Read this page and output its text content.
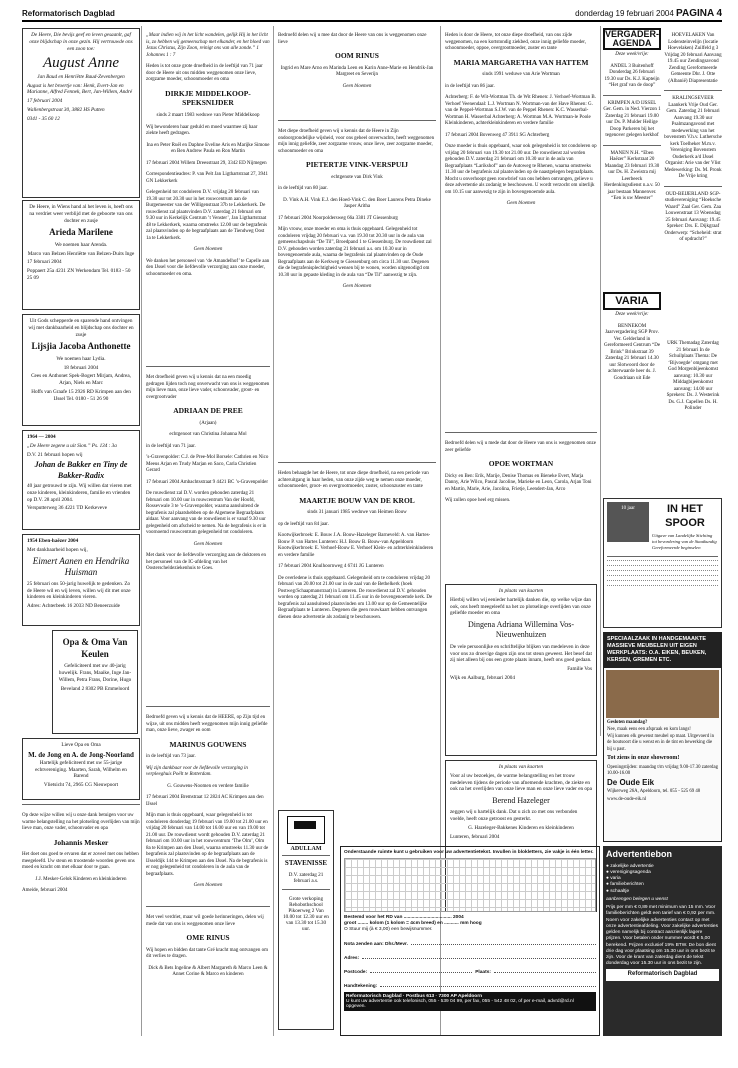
Reformatorisch Dagblad	donderdag 19 februari 2004 PAGINA 4

De Heere, Die bevijs geef en leven gesaanlt, gaf onze blijdschap in onze gezin. Hij vertrouwde ons een zoon toe:

August Anne

Jan Baud en Henriëtte Baud-Zevenbergen

August is het broertje van: Henk, Evert-Jan en Marianne, Alfred Fennek, Bert, Jan-Willem, André

17 februari 2004

Wallenbergstraat 30, 3882 HS Putten

0341 - 35 60 12

De Heere, in Wiens hand al het leven is, heeft ons na verdriet weer verblijd met de geboorte van ons dochter en zusje

Arieda Marilene

We noemen haar Arenda.

Marco van Belzen Henriëtte van Belzen-Duits Inge

17 februari 2004

Poppaert 25a 4231 ZN Werkendam Tel. 0183 - 50 25 09

Uit Gods schepperde en sparende hand ontvingen wij met dankbaarheid en blijdschap ons dochter en zusje

Lijsjia Jacoba Anthonette

We noemen haar Lydia.

18 februari 2004

Cees en Anthonet Spek-Bogert Mirjam, Andrea, Arjan, Niels en Marc

Hoffs van Graafe 15 2926 RD Krimpen aan den IJssel Tel. 0180 - 51 26 90

1964 — 2004

„De Heere zegene u uit Sion.” Ps. 134 : 3a

D.V. 21 februari hopen wij

Johan de Bakker en Tiny de Bakker-Radix

40 jaar getrouwd te zijn. Wij willen dat vieren met onze kinderen, kleinkinderen, familie en vrienden op D.V. 28 april 2004.

Versputterweg 36 4221 TD Kerkeveve

1954 Eben-haëzer 2004

Met dankbaarheid hopen wij,

Eimert Aanen en Hendrika Huisman

25 februari ons 50-jarig huwelijk te gedenken. Zo de Heere wil en wij leven, willen wij dit met onze kinderen en kleinkinderen vieren.

Adres: Achterbeek 16 2033 ND Beneerzuide

Opa & Oma Van Keulen

Gefeliciteerd met uw 40-jarig huwelijk. Frans, Maaike, Inge Jan-Willem, Petra Frans, Dorine, Hugo

Beveland 2 8302 PB Emmeloord

Lieve Opa en Oma

M. de Jong en A. de Jong-Noorland

Hartelijk gefeliciteerd met uw 55-jarige echtvereniging. Maarten, Sarah, Wilhelm en Barend

Vlietsicht 74, 2965 CG Nieuwpoort

Op deze wijze willen wij u onze dank betuigen voor uw warme belangstelling na het plotseling overlijden van mijn lieve man, onze vader, schoonvader en opa

Johannis Mesker

Het doet ons goed te ervaren dat er zoveel met ons hebben meegeleefd. Uw steun en troostende woorden geven ons moed en kracht om met elkaar door te gaan.

J.J. Mesker-Gelok Kinderen en kleinkinderen

Ameide, februari 2004

„Maar indien wij in het licht wandelen, gelijk Hij in het licht is, zo hebben wij gemeenschap met elkander, en het bloed van Jezus Christus, Zijn Zoon, reinigt ons van alle zonde.” 1 Johannes 1 : 7

Heden is tot onze grote droefheid in de leeftijd van 71 jaar door de Heere uit ons midden weggenomen onze lieve, zorgzame moeder, schoonmoeder en oma

DIRKJE MIDDELKOOP-SPEKSNIJDER

sinds 2 maart 1983 weduwe van Pieter Middelkoop

Wij bewonderen haar geduld en moed waarmee zij haar ziekte heeft gedragen.

Ina en Peter Ruël en Daphne Eveline Aris en Marijke Simone en Ben Andrew Paula en Ron Martin

17 februari 2004 Willem Dreesstraat 29, 3342 ED Nijmegen

Correspondentieadres: P. van Pelt Jan Ligthartstraat 27, 3941 GN Lekkerkerk

Gelegenheid tot condoleren D.V. vrijdag 20 februari van 19.30 uur tot 20.30 uur in het rouwcentrum aan de Burgemeester van der Willigenstraat 37b te Lekkerkerk. De rouwdienst zal plaatsvinden D.V. zaterdag 21 februari om 9.30 uur in Kerkelijk Centrum ’t Venster’, Jan Ligthartstraat 48 te Lekkerkerk, waarna omstreeks 12.00 uur de begrafenis zal plaatsvinden op de begraafplaats aan de Tiendweg Oost 1a te Lekkerkerk.

Geen bloemen

We danken het personeel van ‘de Amandelhof’ te Capelle aan den IJssel voor die liefdevolle verzorging aan onze moeder, schoonmoeder en oma.

Met droefheid geven wij u kennis dat na een moedig gedragen lijden toch nog onverwacht van ons is weggenomen mijn lieve man, onze lieve vader, schoonvader, groot- en overgrootvader

ADRIAAN DE PREE

(Arjaan)

echtgenoot van Christina Johanna Mol

in de leeftijd van 71 jaar.

’s-Gravenpolder: C.J. de Pree-Mol Borsele: Cathrien en Nico Meeus Arjan en Trudy Marjan en Saco, Carla Christien Gerard

17 februari 2004 Ambachtsstraat 9 4421 BC ’s-Gravenpolder

De rouwdienst zal D.V. worden gehouden zaterdag 21 februari om 10.00 uur in rouwcentrum Van der Hoofd, Rossevwale 3 te ’s-Gravenpolder, waarna aansluitend de begrafenis zal plaatshebben op de Algemene Begraafplaats aldaar. Voor aanvang van de rouwdienst is er vanaf 9.30 uur gelegenheid om afscheid te nemen. Na de begrafenis is er in voornoemd rouwcentrum gelegenheid tot condoleren.

Geen bloemen

Met dank voor de liefdevolle verzorging aan de doktoren en het personeel van de IC-afdeling van het Oosterscheldeziekenhuis te Goes.

Bedroefd geven wij u kennis dat de HEERE, op Zijn tijd en wijze, uit ons midden heeft weggenomen mijn innig geliefde man, onze lieve, zwager en oom

MARINUS GOUWENS

in de leeftijd van 73 jaar.

Wij zijn dankbaar voor de liefdevolle verzorging in verpleeghuis Poëlt te Rotterdam.

G. Gouwens-Noomen en verdere familie

17 februari 2004 Bremstraat 12 2824 AC Krimpen aan den IJssel

Mijn man is thuis opgebaard, waar gelegenheid is tot condoleren donderdag 19 februari van 19.00 tot 21.00 uur en vrijdag 20 februari van 14.00 tot 16.00 uur en van 19.00 tot 21.00 uur. De rouwdienst wordt gehouden D.V. zaterdag 21 februari om 10.00 uur in het rouwcentrum ‘The Olm’, Olm 8a te Krimpen aan den IJssel, waarna omstreeks 11.30 uur de begrafenis zal plaatsvinden op de begraafplaats aan de IJsseldijk 144 te Krimpen aan den IJssel. Na de begrafenis is er nog gelegenheid tot condoleren in de aula van de begraafplaats.

Geen bloemen

Met veel verdriet, maar wil goede herinneringen, delen wij mede dat van ons is weggenomen onze lieve

OME RINUS

Wij hopen en bidden dat tante Gré kracht mag ontvangen om dit verlies te dragen.

Dick & Bets Ingeline & Albert Margareth & Marco Leen & Annet Corine & Marco en kinderen

Bedroefd delen wij u mee dat door de Heere van ons is weggenomen onze lieve

OOM RINUS

Ingrid en Mare Arno en Marinda Leen en Karin Anne-Marie en Hendrik-Jan Margreet en Severijn

Geen bloemen

Met diepe droefheid geven wij u kennis dat de Heere in Zijn ondoorgrondelijke wijsheid, voor ons geheel onverwachts, heeft weggenomen mijn innig geliefde, zeer zorgzame vrouw, onze lieve, zeer zorgzame moeder, schoonmoeder en oma

PIETERTJE VINK-VERSPUIJ

echtgenote van Dirk Vink

in de leeftijd van 80 jaar.

D. Vink A.H. Vink E.J. den Hoed-Vink C. den Boer Laurens Petra Dineke Jasper Aritha

17 februari 2004 Noorpoldersweg 66a 3381 JT Giessenburg

Mijn vrouw, onze moeder en oma is thuis opgebaard. Gelegenheid tot condoleren vrijdag 20 februari v.a. van 19.30 tot 20.30 uur in de aula van gemeenschapshuis “De Til”, Broedpand 1 te Giessenburg. De rouwdienst zal D.V. gehouden worden zaterdag 21 februari a.s. om 10.30 uur in bovengenoemde aula, waarna de begrafenis zal plaatsvinden op de Oude Begraafplaats aan de Kerkweg te Giessenburg om circa 11.30 uur. Degenen die de begrafenisplechtigheid wensen bij te wonen, worden uitgenodigd om 10.30 uur in gepaste kleding in de aula van “De Til” aanwezig te zijn.

Geen bloemen

Heden behaagde het de Heere, tot onze diepe droefheid, na een periode van achteruitgang in haar heden, van onze zijde weg te nemen onze moeder, schoonmoeder, groot- en overgrootmoeder, zuster, schoonzuster en tante

MAARTJE BOUW VAN DE KROL

sinds 31 januari 1985 weduwe van Heimen Bouw

op de leeftijd van 84 jaar.

Kootwijkerbroek: E. Bouw J.A. Bouw-Hazeleger Barneveld: A. van Hartes-Bouw P. van Hartes Lunteren: H.J. Bouw B. Bouw-van Appeldoorn Kootwijkerbroek: E. Verhoef-Bouw E. Verhoef Klein- en achterkleinkinderen en verdere familie

17 februari 2004 Knulhoornweg 4 6741 JG Lunteren

De overledene is thuis opgebaard. Gelegenheid om te condoleren vrijdag 20 februari van 20.00 tot 21.00 uur in de zaal van de Bethelkerk (hoek Postweg/Schaapmanstraat) in Lunteren. De rouwdienst zal D.V. gehouden worden op zaterdag 21 februari om 11.45 uur in de bovengenoemde kerk. De begrafenis zal aansluitend plaatsvinden om 13.00 uur op de Gemeentelijke Begraafplaats te Lunteren. Degenen die geen rouwkaart hebben ontvangen dienen deze advertentie als zodanig te beschouwen.

ADULLAM
STAVENISSE

D.V. zaterdag 21 februari a.s.

Grote verkoping Rehobothschool Pikoerweg 2 Van 10.00 tot 12.30 uur en van 13.30 tot 15.30 uur.

Heden is door de Heere, tot onze diepe droefheid, van ons zijde weggenomen, na een kortstondig ziekbed, onze innig geliefde moeder, schoonmoeder, oppoe, overgrootmoeder, zuster en tante

MARIA MARGARETHA VAN HATTEM

sinds 1991 weduwe van Arie Wortman

in de leeftijd van 86 jaar.

Achterberg: F. de Wit-Wortman Th. de Wit Rhenen: J. Verhoef-Wortman B. Verhoef Veenendaal: L.J. Wortman N. Wortman-van der Have Rhenen: G. van de Peppel-Wortman S.J.W. van de Peppel Rhenen: K.C. Wasserbal-Wortman H. Wasserbal Achterberg: A. Wortman M.A. Wortman-le Poole Kleinkinderen, achterkleinkinderen en verdere familie

17 februari 2004 Bovenweg 47 3911 SG Achterberg

Onze moeder is thuis opgebaard, waar ook gelegenheid is tot condoleren op vrijdag 20 februari van 19.30 tot 21.00 uur. De rouwdienst zal worden gehouden D.V. zaterdag 21 februari om 10.30 uur in de aula van Begraafplaats “Larikshof” aan de Autoweg te Rhenen, waarna omstreeks 11.30 uur de begrafenis zal plaatsvinden op de naastgelegen begraafplaats. Mocht u onverhoopt geen rouwbrief van ons hebben ontvangen, gelieve u deze advertentie als zodanig te beschouwen. U wordt verzocht om uiterlijk om 10.15 uur aanwezig te zijn in bovengenoemde aula.

Geen bloemen

Bedroefd delen wij u mede dat door de Heere van ons is weggenomen onze zeer geliefde

OPOE WORTMAN

Dicky en Ben: Erik, Marije, Denise Thomas en Bieneke Evert, Marja Danny, Arie Wilco, Pascal Jacoline, Marieke en Leon, Carola, Arjan Toni en Martin, Marie, Arie, Jacolina, Frietje, Leendert-Jan, Arco

Wij zullen opoe heel erg missen.

In plaats van kaarten

Hierbij willen wij eenieder hartelijk danken die, op welke wijze dan ook, ons heeft meegeleefd na het zo plotselinge overlijden van onze geliefde moeder en oma

Dingena Adriana Willemina Vos-Nieuwenhuizen

De vele persoonlijke en schriftelijke blijken van medeleven in deze voor ons zo droevige dagen zijn ons tot steun geweest. Het besef dat zij niet alleen bij ons een grote plaats innam, heeft ons goed gedaan.

Familie Vos

Wijk en Aalburg, februari 2004

In plaats van kaarten

Voor al uw bezoekjes, de warme belangstelling en het trouw medeleven tijdens de periode van afnemende krachten, de ziekte en ook na het overlijden van onze lieve man en onze lieve vader en opa

Berend Hazeleger

zeggen wij u hartelijk dank. Dat u zich zo met ons verbonden voelde, heeft onze getroost en gesterkt.

G. Hazeleger-Bakkenes Kinderen en kleinkinderen

Lunteren, februari 2004

VERGADER-
AGENDA

Deze week/vrije:

ANDEL 3 Buitenhoff Donderdag 26 februari 19.30 uur Ds. K.J. Kapteijn “Het graf van de doop”

KRIMPEN A/D IJSSEL Ger. Gem. in Ned. Vierzon 1 Zaterdag 21 februari 19.00 uur Ds. P. Mulder Heilige Doop Parkeren bij het tegenover gelegen kerkhof

MANEN N.H. “Eben Haëzer” Kerkstraat 20 Maandag 23 februari 19.30 uur Ds. H. Zweistra mij Leerbeeck Herdenkingsdienst n.a.v. 50 jaar bestaan Mannenver. “Een is uw Meester”

VARIA

Deze week/vrije:

BENNEKOM Jaarvergadering SGP Prov. Ver. Gelderland in Gereformeerd Centrum “De Brink” Brinkstraat 39 Zaterdag 21 februari 14.30 uur Slotwoord door de achterwaarde heer ds. J. Goudriaan uit Ede

HOEVELAKEN Van Lodensteinvelijn (locatie Hoevelaken) Zuilfeld g 3 Vrijdag 20 februari Aanvang 19.45 uur Zendingsavond Zending Gereformeerde Gemeente Dhr. J. Otte (Albanië) Diapresentatie

KRALINGSEVEER Laankerk Vrije Oud Ger. Gem. Zaterdag 21 februari Aanvang 19.30 uur Psalmzangavond met medewerking van het bovenstem V.h.v. Luthersche kerk Toelheker M.m.v. Vereniging Bovenstem Ouderkerk a/d IJssel Organist: Arie van der Vlist Medewerking: Ds. M. Pronk De Vrije kring

OUD-BEIJERLAND SGP-studievereniging “Hoeksche Waard” Zaal Ger. Gem. Zaa Louwenstraat 13 Woensdag 25 februari Aanvang: 19.45 Spreker: Drs. E. Dijkgraaf Onderwerp: “Scheheid: strat of opdracht?”

URK Themadag Zaterdag 21 februari In de Schuilplaats Thema: De ‘Bijvoegde’ omgang met God Morgenbijeenkomst aanvang: 10.30 uur Middagbijeenkomst aanvang: 14.00 uur Sprekers: Ds. J. Westerink Ds. G.J. Capellen Ds. H. Polinder

10 jaar	IN HET SPOOR

Uitgave van Landelijke Stichting tot bevordering van de Staatkundig Gereformeerde beginselen

SPECIAALZAAK IN HANDGEMAAKTE MASSIEVE MEUBELEN UIT EIGEN WERKPLAATS: O.A. EIKEN, BEUKEN, KERSEN, GREMEN ETC.

Gesloten maandag?

Nee, maak eens een afspraak en kom langs!

Wij kunnen elk gewenst meubel op maat. Uitgevoerd in de houtsoort die u wenst en in de tint en bewerking die bij u past.

Tot ziens in onze showroom!

Openingstijden: maandag t/m vrijdag 9.00-17.30 zaterdag 10.00-16.00

De Oude Eik

Wijkerweg 26A, Apeldoorn, tel. 055 - 525 69 48

www.de-oude-eik.nl

Onderstaande ruimte kunt u gebruiken voor uw advertentietekst. Invullen in blokletters, zie vakje is één letter.

Bestemd voor het RD van .................................... 2004

groot ........ kolom (1 kolom = 4cm breed) en ........... mm hoog

O Stuur mij (à € 3,00) een bewijsnummer.

Nota zenden aan: Dhr./Mevr.
Adres:
Postcode:	Plaats:
Handtekening:
Reformatorisch Dagblad · Postbus 613 · 7300 AP Apeldoorn
U kunt uw advertentie ook telefonisch, 055 - 539 04 99, per fax, 055 - 542 48 02, of per e-mail, advrd@rd.nl opgeven.
Advertentiebon
● zakelijke advertentie
● verenigingsagenda
● varia
● familieberichten
● schaaltje

aanbrengen belegen u wenst

Prijs per mm € 0,89 met minimum van 15 mm. Voor familieberichten geldt een tarief van € 0,92 per mm. Noem voor zakelijke advertenties contact op met onze advertentieafdeling. Voor zakelijke advertenties gelden namelijk bij contract aanzienlijk lagere prijzen. Voor betalen onder nummer wordt € 5,00 berekend. Prijzen exclusief 19% BTW. De bon dient drie dag voor plaatsing om 15.30 uur in ons bezit te zijn. Voor de krant van zaterdag dient de tekst donderdag voor 15.30 uur in ons bezit te zijn.

Reformatorisch Dagblad
